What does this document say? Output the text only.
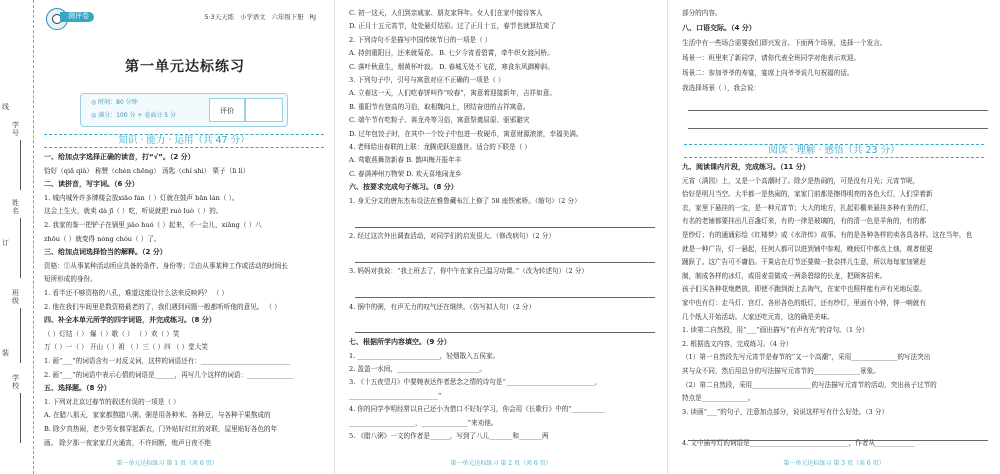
学号
姓名
班级
学校
线
订
装
测评卷	5·3天天练   小学语文   六年级下册   RJ
第一单元达标练习
◎ 时间：80 分钟
◎ 满分：100 分 + 卷面分 5 分
评价
知识 · 能力 · 运用（共 47 分）
一、给加点字选择正确的读音，打“√”。（2 分）
恰好（qiǎ qià） 称赞（chèn chēng） 汤匙（chí shi） 栗子（lì lì）
二、读拼音，写字词。（6 分）
1. 城内城外许多牌楼会放xiāo fán（ ）灯就在鼓声 bān lán（ ）。
这会上生火，就卖 dà jī（ ）吃，听说就把 ruò luò（ ）的。
2. 我家的鉴一把铲子在锅里 jiǎo huó（ ）起来，不一会儿，xiāng（ ）八
zhōu（ ）就变得 nóng chóu（ ）了。
三、给加点词选择恰当的解释。（2 分）
资格：①从事某种活动所应具备的条件、身份等；②由从事某种工作或活动的时间长
短所形成的身份。
1. 看半还不够资格的八孔，难道这能设什么法来反映吗？ （ ）
2. 他在我们车间里是数资格最老的了，我们遇到问题一般都听听他的意见。 （ ）
四、补全本单元所学的四字词语，并完成练习。（8 分）
（ ）灯结（ ） 爆（ ）歌（ ） （ ）欢（ ）笑
万（ ）一（ ） 开山（ ）祖 （ ）三（ ）四 （ ）堂大笑
1. 画“___”的词语含有一对反义词，这样的词语还有：___________________________
2. 画“___”的词语中表示心情的词语是______，再写几个这样的词语：______________
五、选择题。（8 分）
1. 下列对北京过春节的叙述有误的一项是（ ）
A. 在腊八那天，家家都熬腊八粥。粥是用各种米、各种豆，与各种干果熬成的
B. 除夕真热闹，老少男女都穿起新衣，门外贴好红红的对联，屋里贴好各色的年
画。 除夕那一夜家家灯火通宵，不许间断，炮声日夜不绝
第一单元达标练习 第 1 页（共 6 页）
C. 初一这天，人们到亲戚家、朋友家拜年。女人们在家中接待客人
D. 正月十五元宵节，处处悬灯结彩。过了正月十五，春节也就算结束了
2. 下列诗句不是描写中国传统节日的一项是（ ）
A. 持剑重阳日，还来就菊花。 B. 七夕今宵看碧霄，牵牛织女渡河桥。
C. 落叶秋意生，烟黄怀叶寂。 D. 春城无处不飞花，寒食东风御柳斜。
3. 下列句子中，引号与寓意对应不正确的一项是（ ）
A. 立春这一天，人们吃春饼叫作“咬春”，寓意着迎接新年，吉祥如意。
B. 重阳节有登高的习俗，取相魏向上，团结奋进的吉祥寓意。
C. 端午节有吃粽子、赛龙舟等习俗，寓意祭奠屈原、驱邪避灾
D. 过年包饺子时，在其中一个饺子中包进一枚硬币，寓意财源滚滚，幸福美满。
4. 老师给出春联的上联：龙腾虎跃迎盛世。适合的下联是（ ）
A. 莺歌燕舞贺新春 B. 鹊叫梅开报年丰
C. 春满神州万物荣 D. 欢天喜地闹龙乡
六、按要求完成句子练习。（8 分）
1. 身无分文的唐东杰布设法在雅鲁藏布江上修了 58 座铁索桥。（缩句）（2 分）
2. 经过这次外出调查活动，对同学们的启发很大。（修改病句）（2 分）
3. 妈妈对我说：“我上班去了，你中午在家自己温习功课。”（改为转述句）（2 分）
4. 锅中的粥，有声无力的叹气还在继续。（仿写拟人句）（2 分）
七、根据所学内容填空。（9 分）
1. _________________________，轻烟散入五侯家。
2. 盈盈一水间，_________________________。
3. 《十五夜望月》中要婉表达作者思念之情的诗句是“___________________________,
___________________________”
4. 你的同学李明经常以自己还小为借口不好好学习，你会用《长歌行》中的“__________
____________________，______________”来劝他。
5. 《腊八粥》一文的作者是______，写到了八儿_______和_______两
第一单元达标练习 第 2 页（共 6 页）
部分的内容。
八、口语交际。（4 分）
生活中有一些场合需要我们即兴发言。下面两个场景，选择一个发言。
场景一：班里来了新同学，请你代表全班同学对他表示欢迎。
场景二：参加爷爷的寿宴，宴席上向爷爷说几句祝福的话。
我选择场景（ ），我会说：
阅读 · 理解 · 感悟（共 23 分）
九、阅读课内片段，完成练习。（11 分）
元宵（满园）上，又是一个高潮时了。除夕是热闹的，可是没有月光；元宵节呢，
恰好是明月当空。大半都一是热闹的，家家门前都是擦得明亮的各色大灯，人们穿着新
衣，家里下悬挂的一宝，是一种元宵节；大大的地方，扎起彩棚来悬挂多种有美的灯，
有名的老铺都要挂出几百盏灯来，有的一律是玻璃的，有的清一色是羊角的，有的都
是纱灯；有的通通彩绘《红楼梦》或《水浒传》故事。有的是各种各样的卖各具各样。这在当年，也
就是一种广告，灯一悬起，任何人都可以进到铺中参观，晚间灯中都点上烛，观者便更
踊跃了。这广告可不庸俗。干果店在灯节还要做一批杂拌儿生意，所以每每家加紧赶
制，制成各样的冰灯，或用麦苗做成一两条碧绿的长龙，把顾客招来。
孩子们买各种花炮燃放，即使不跑到街上去淘气，在家中也照样能有声有光地玩耍。
家中也有灯：走马灯、宫灯、各形各色的纸灯，还有纱灯，里面有小钟，钟一响就有
几个纸人开始活动。大家还吃元宵，这的确是美味。
1. 读第二自然段，用“___”画出描写“有声有光”的诗句。（1 分）
2. 根据选文内容，完成练习。（4 分）
（1）第一自然段先写元宵节是春节的“又一个高潮”，采用______________的写法突出
其与众不同，然后用总分的写法描写元宵节的______________景象。
（2）第二自然段，采用__________________的写法描写元宵节的活动，突出孩子过节的
特点是______________。
3. 读画“___”的句子，注意加点部分，说说这样写有什么好处。（3 分）
4. 文中描写灯的词语是______________________________，作者从____________
第一单元达标练习 第 3 页（共 6 页）
